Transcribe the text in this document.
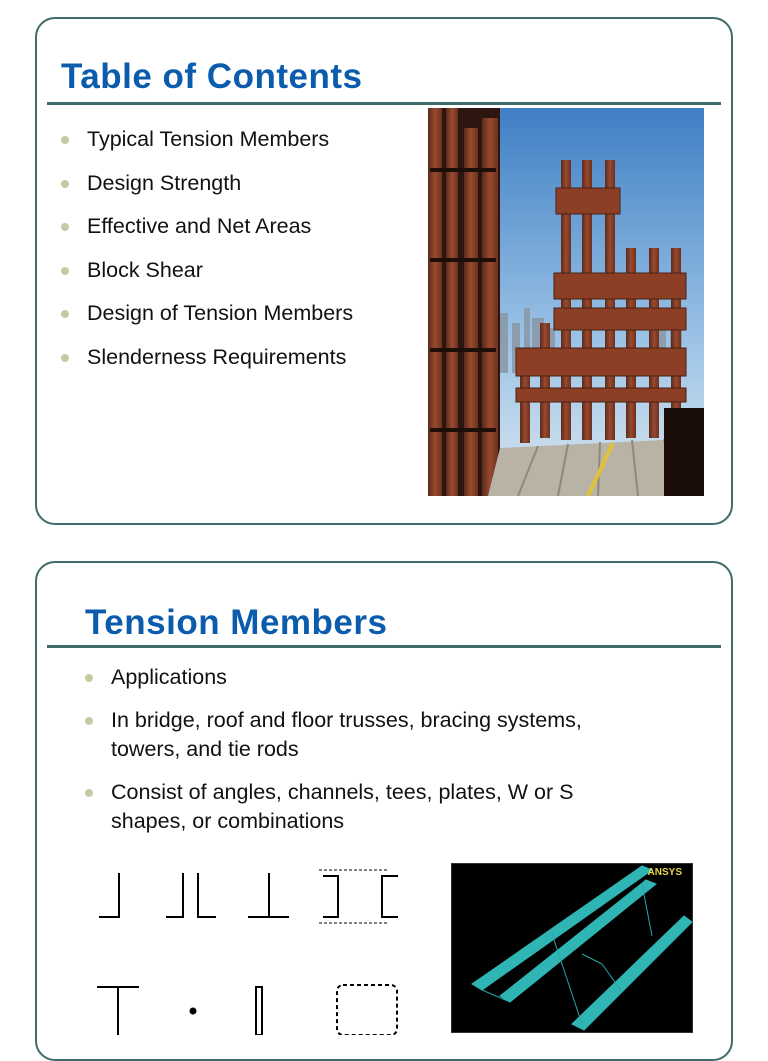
Table of Contents
Typical Tension Members
Design Strength
Effective and Net Areas
Block Shear
Design of Tension Members
Slenderness Requirements
Tension Members
Applications
In bridge, roof and floor trusses, bracing systems, towers, and tie rods
Consist of angles, channels, tees, plates, W or S shapes, or combinations
ANSYS
